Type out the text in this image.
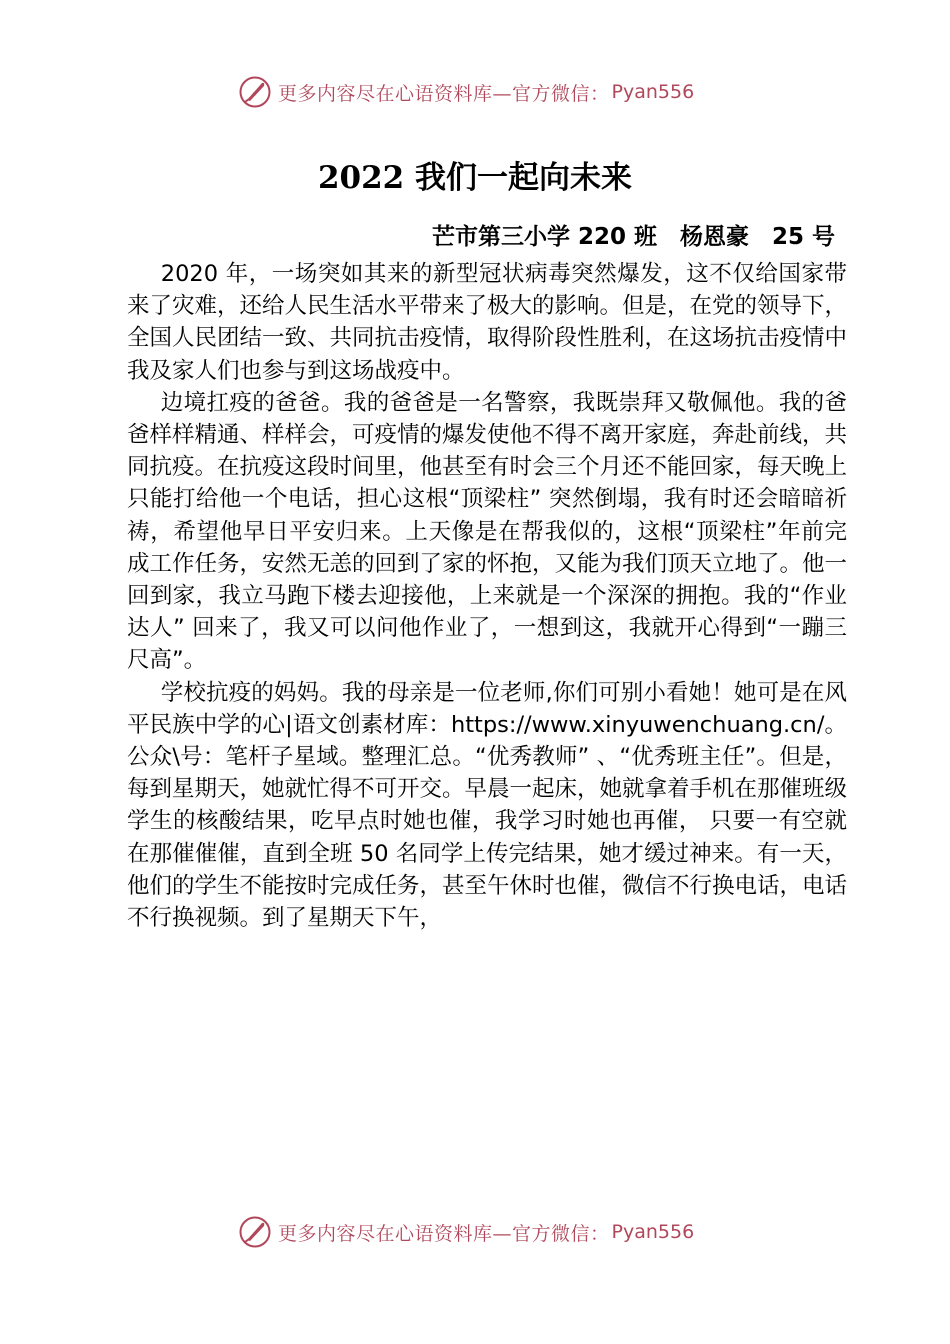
更多内容尽在心语资料库—官方微信： Pyan556
2022 我们一起向未来
芒市第三小学 220 班　杨恩豪　25 号

2020 年，一场突如其来的新型冠状病毒突然爆发，这不仅给国家带来了灾难，还给人民生活水平带来了极大的影响。但是，在党的领导下，全国人民团结一致、共同抗击疫情，取得阶段性胜利，在这场抗击疫情中我及家人们也参与到这场战疫中。

边境扛疫的爸爸。我的爸爸是一名警察，我既崇拜又敬佩他。我的爸爸样样精通、样样会，可疫情的爆发使他不得不离开家庭，奔赴前线，共同抗疫。在抗疫这段时间里，他甚至有时会三个月还不能回家，每天晚上只能打给他一个电话，担心这根“顶梁柱” 突然倒塌，我有时还会暗暗祈祷，希望他早日平安归来。上天像是在帮我似的，这根“顶梁柱”年前完成工作任务，安然无恙的回到了家的怀抱，又能为我们顶天立地了。他一回到家，我立马跑下楼去迎接他，上来就是一个深深的拥抱。我的“作业达人” 回来了，我又可以问他作业了，一想到这，我就开心得到“一蹦三尺高”。

学校抗疫的妈妈。我的母亲是一位老师,你们可别小看她！她可是在风平民族中学的心|语文创素材库：https://www.xinyuwenchuang.cn/。公众\号：笔杆子星域。整理汇总。“优秀教师” 、“优秀班主任”。但是，每到星期天，她就忙得不可开交。早晨一起床，她就拿着手机在那催班级学生的核酸结果，吃早点时她也催，我学习时她也再催， 只要一有空就在那催催催，直到全班 50 名同学上传完结果，她才缓过神来。有一天，他们的学生不能按时完成任务，甚至午休时也催，微信不行换电话，电话不行换视频。到了星期天下午，

更多内容尽在心语资料库—官方微信： Pyan556
